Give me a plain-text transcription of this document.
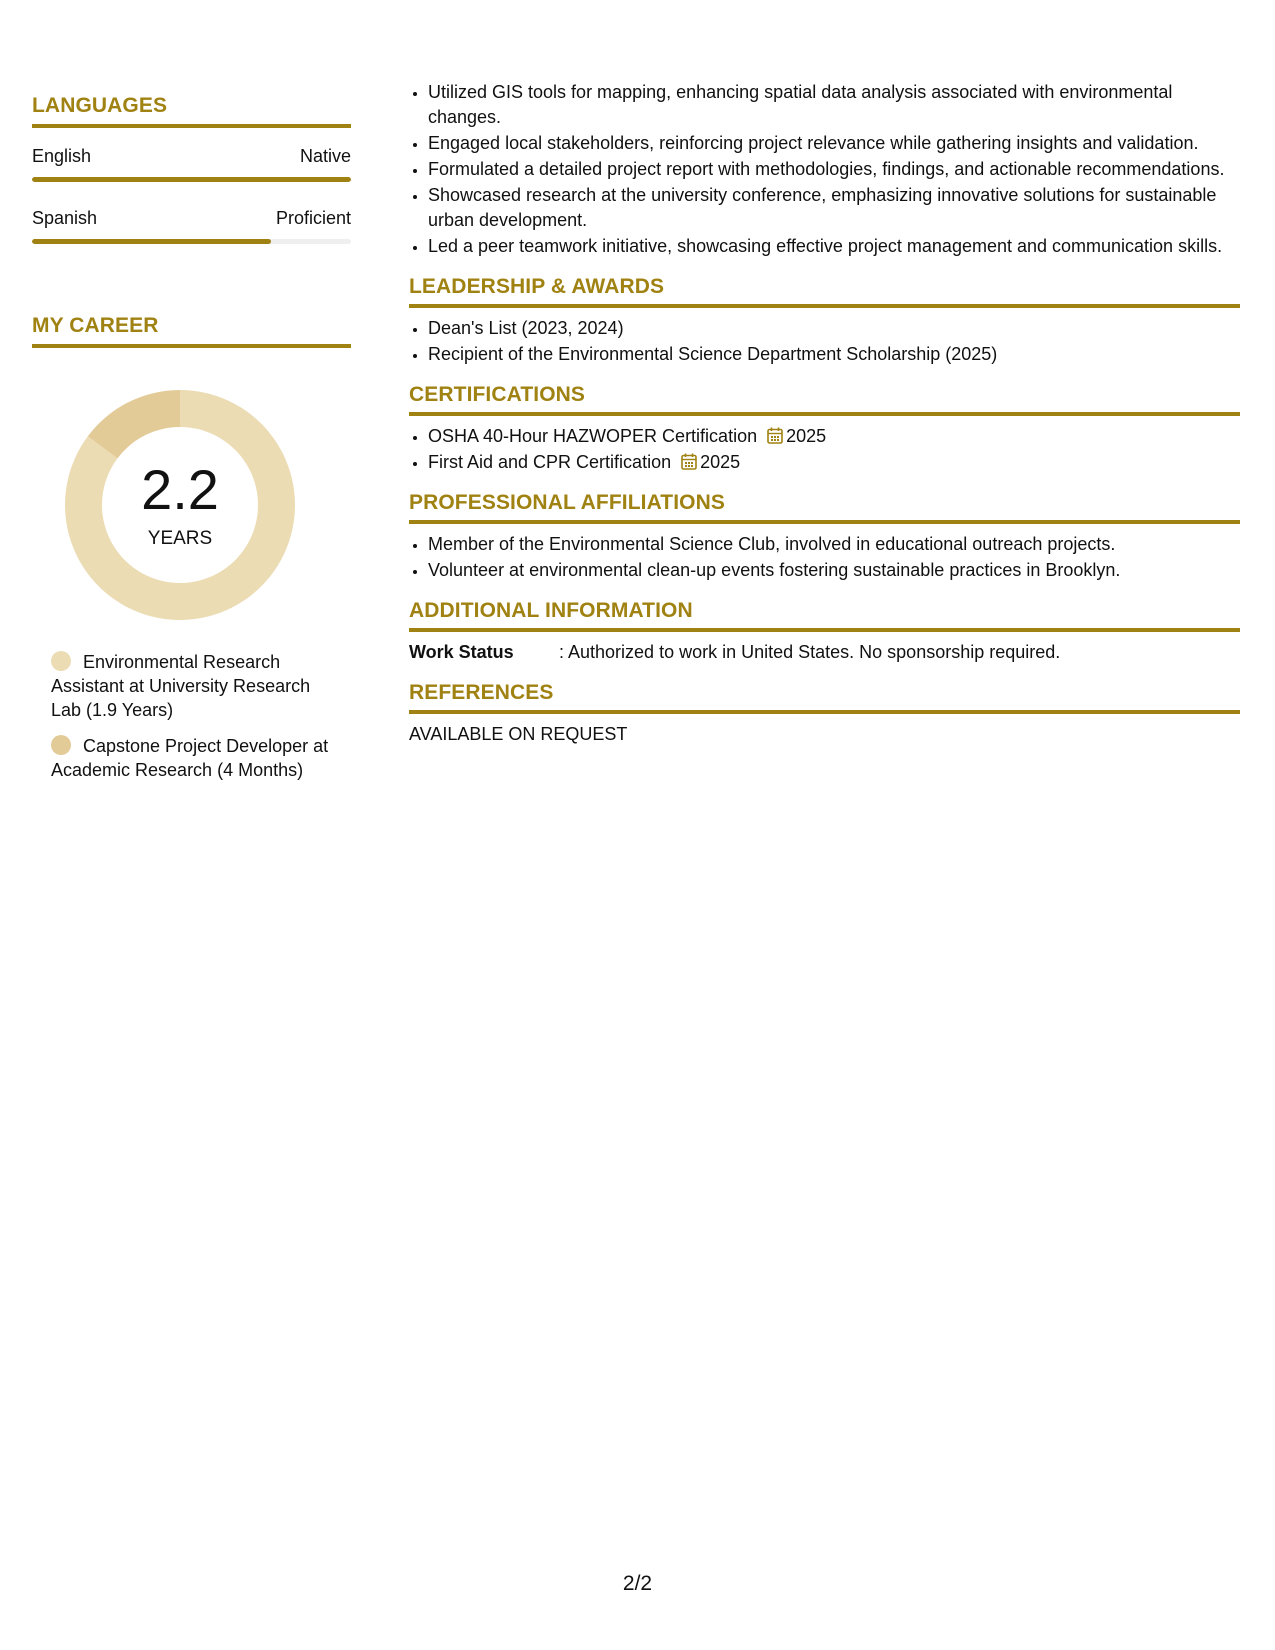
LANGUAGES
English	Native
Spanish	Proficient
MY CAREER
2.2
YEARS
Environmental Research Assistant at University Research Lab (1.9 Years)
Capstone Project Developer at Academic Research (4 Months)
• Utilized GIS tools for mapping, enhancing spatial data analysis associated with environmental changes.
• Engaged local stakeholders, reinforcing project relevance while gathering insights and validation.
• Formulated a detailed project report with methodologies, findings, and actionable recommendations.
• Showcased research at the university conference, emphasizing innovative solutions for sustainable urban development.
• Led a peer teamwork initiative, showcasing effective project management and communication skills.
LEADERSHIP & AWARDS
• Dean's List (2023, 2024)
• Recipient of the Environmental Science Department Scholarship (2025)
CERTIFICATIONS
• OSHA 40-Hour HAZWOPER Certification 2025
• First Aid and CPR Certification 2025
PROFESSIONAL AFFILIATIONS
• Member of the Environmental Science Club, involved in educational outreach projects.
• Volunteer at environmental clean-up events fostering sustainable practices in Brooklyn.
ADDITIONAL INFORMATION
Work Status	: Authorized to work in United States. No sponsorship required.
REFERENCES
AVAILABLE ON REQUEST
2/2
